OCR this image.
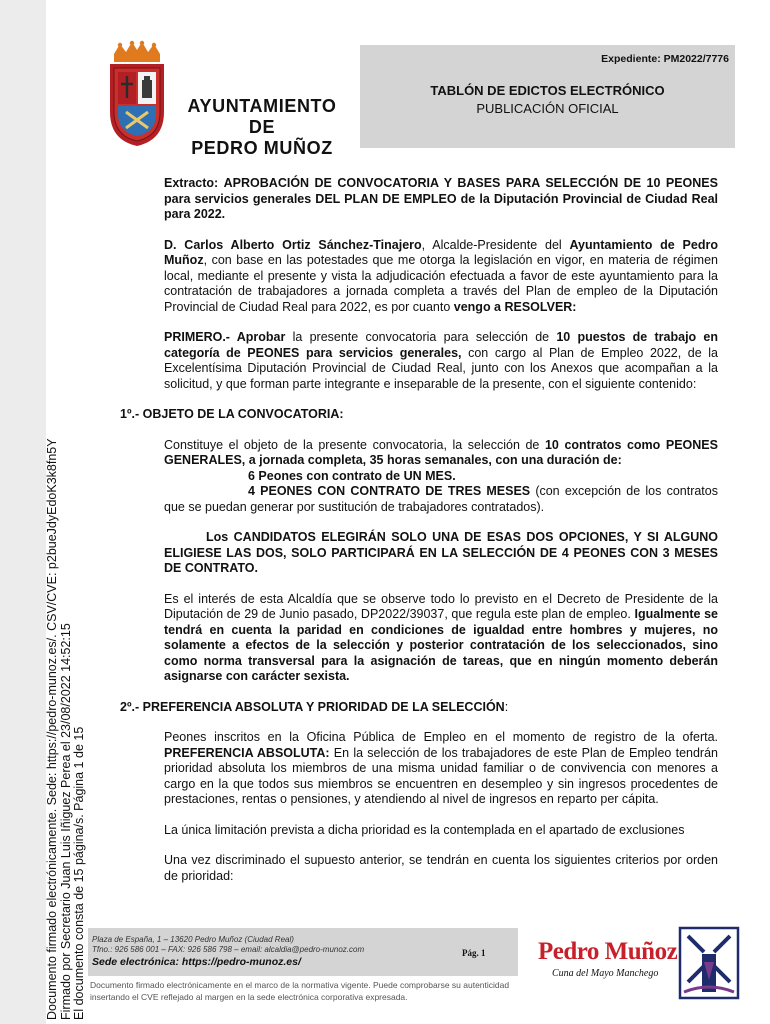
Documento firmado electrónicamente. Sede: https://pedro-munoz.es/. CSV/CVE: p2bueJdyEdoK3k8fn5Y Firmado por Secretario Juan Luis Iñiguez Perea el 23/08/2022 14:52:15 El documento consta de 15 página/s. Página 1 de 15
AYUNTAMIENTO DE
PEDRO MUÑOZ
Expediente: PM2022/7776
TABLÓN DE EDICTOS ELECTRÓNICO
PUBLICACIÓN OFICIAL

Extracto: APROBACIÓN DE CONVOCATORIA Y BASES PARA SELECCIÓN DE 10 PEONES para servicios generales DEL PLAN DE EMPLEO de la Diputación Provincial de Ciudad Real para 2022.

D. Carlos Alberto Ortiz Sánchez-Tinajero, Alcalde-Presidente del Ayuntamiento de Pedro Muñoz, con base en las potestades que me otorga la legislación en vigor, en materia de régimen local, mediante el presente y vista la adjudicación efectuada a favor de este ayuntamiento para la contratación de trabajadores a jornada completa a través del Plan de empleo de la Diputación Provincial de Ciudad Real para 2022, es por cuanto vengo a RESOLVER:

PRIMERO.- Aprobar la presente convocatoria para selección de 10 puestos de trabajo en categoría de PEONES para servicios generales, con cargo al Plan de Empleo 2022, de la Excelentísima Diputación Provincial de Ciudad Real, junto con los Anexos que acompañan a la solicitud, y que forman parte integrante e inseparable de la presente, con el siguiente contenido:

1º.- OBJETO DE LA CONVOCATORIA:

Constituye el objeto de la presente convocatoria, la selección de 10 contratos como PEONES GENERALES, a jornada completa, 35 horas semanales, con una duración de:

6 Peones con contrato de UN MES.

4 PEONES CON CONTRATO DE TRES MESES (con excepción de los contratos que se puedan generar por sustitución de trabajadores contratados).

Los CANDIDATOS ELEGIRÁN SOLO UNA DE ESAS DOS OPCIONES, Y SI ALGUNO ELIGIESE LAS DOS, SOLO PARTICIPARÁ EN LA SELECCIÓN DE 4 PEONES CON 3 MESES DE CONTRATO.

Es el interés de esta Alcaldía que se observe todo lo previsto en el Decreto de Presidente de la Diputación de 29 de Junio pasado, DP2022/39037, que regula este plan de empleo. Igualmente se tendrá en cuenta la paridad en condiciones de igualdad entre hombres y mujeres, no solamente a efectos de la selección y posterior contratación de los seleccionados, sino como norma transversal para la asignación de tareas, que en ningún momento deberán asignarse con carácter sexista.

2º.- PREFERENCIA ABSOLUTA Y PRIORIDAD DE LA SELECCIÓN:

Peones inscritos en la Oficina Pública de Empleo en el momento de registro de la oferta. PREFERENCIA ABSOLUTA: En la selección de los trabajadores de este Plan de Empleo tendrán prioridad absoluta los miembros de una misma unidad familiar o de convivencia con menores a cargo en la que todos sus miembros se encuentren en desempleo y sin ingresos procedentes de prestaciones, rentas o pensiones, y atendiendo al nivel de ingresos en reparto per cápita.

La única limitación prevista a dicha prioridad es la contemplada en el apartado de exclusiones

Una vez discriminado el supuesto anterior, se tendrán en cuenta los siguientes criterios por orden de prioridad:

Plaza de España, 1 – 13620 Pedro Muñoz (Ciudad Real)
Tfno.: 926 586 001 – FAX: 926 586 798 – email: alcaldia@pedro-munoz.com
Sede electrónica: https://pedro-munoz.es/
Pág. 1
Documento firmado electrónicamente en el marco de la normativa vigente. Puede comprobarse su autenticidad insertando el CVE reflejado al margen en la sede electrónica corporativa expresada.
Pedro Muñoz
Cuna del Mayo Manchego
